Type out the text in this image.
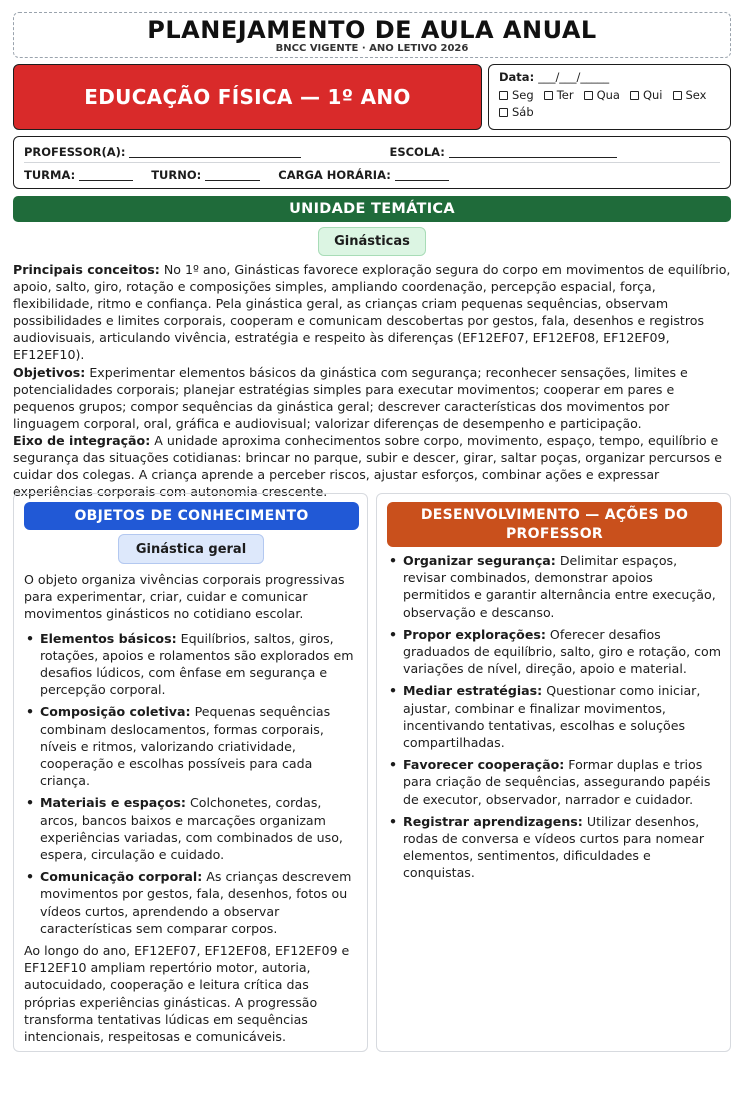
PLANEJAMENTO DE AULA ANUAL
BNCC VIGENTE · ANO LETIVO 2026
EDUCAÇÃO FÍSICA — 1º ANO
Data: ___/___/_____
Seg Ter Qua Qui Sex
Sáb
PROFESSOR(A):	ESCOLA:
TURMA:	TURNO:	CARGA HORÁRIA:
UNIDADE TEMÁTICA
Ginásticas
Principais conceitos: No 1º ano, Ginásticas favorece exploração segura do corpo em movimentos de equilíbrio, apoio, salto, giro, rotação e composições simples, ampliando coordenação, percepção espacial, força, flexibilidade, ritmo e confiança. Pela ginástica geral, as crianças criam pequenas sequências, observam possibilidades e limites corporais, cooperam e comunicam descobertas por gestos, fala, desenhos e registros audiovisuais, articulando vivência, estratégia e respeito às diferenças (EF12EF07, EF12EF08, EF12EF09, EF12EF10).
Objetivos: Experimentar elementos básicos da ginástica com segurança; reconhecer sensações, limites e potencialidades corporais; planejar estratégias simples para executar movimentos; cooperar em pares e pequenos grupos; compor sequências da ginástica geral; descrever características dos movimentos por linguagem corporal, oral, gráfica e audiovisual; valorizar diferenças de desempenho e participação.
Eixo de integração: A unidade aproxima conhecimentos sobre corpo, movimento, espaço, tempo, equilíbrio e segurança das situações cotidianas: brincar no parque, subir e descer, girar, saltar poças, organizar percursos e cuidar dos colegas. A criança aprende a perceber riscos, ajustar esforços, combinar ações e expressar experiências corporais com autonomia crescente.
OBJETOS DE CONHECIMENTO
Ginástica geral

O objeto organiza vivências corporais progressivas para experimentar, criar, cuidar e comunicar movimentos ginásticos no cotidiano escolar.

• Elementos básicos: Equilíbrios, saltos, giros, rotações, apoios e rolamentos são explorados em desafios lúdicos, com ênfase em segurança e percepção corporal.
• Composição coletiva: Pequenas sequências combinam deslocamentos, formas corporais, níveis e ritmos, valorizando criatividade, cooperação e escolhas possíveis para cada criança.
• Materiais e espaços: Colchonetes, cordas, arcos, bancos baixos e marcações organizam experiências variadas, com combinados de uso, espera, circulação e cuidado.
• Comunicação corporal: As crianças descrevem movimentos por gestos, fala, desenhos, fotos ou vídeos curtos, aprendendo a observar características sem comparar corpos.

Ao longo do ano, EF12EF07, EF12EF08, EF12EF09 e EF12EF10 ampliam repertório motor, autoria, autocuidado, cooperação e leitura crítica das próprias experiências ginásticas. A progressão transforma tentativas lúdicas em sequências intencionais, respeitosas e comunicáveis.

DESENVOLVIMENTO — AÇÕES DO PROFESSOR
• Organizar segurança: Delimitar espaços, revisar combinados, demonstrar apoios permitidos e garantir alternância entre execução, observação e descanso.
• Propor explorações: Oferecer desafios graduados de equilíbrio, salto, giro e rotação, com variações de nível, direção, apoio e material.
• Mediar estratégias: Questionar como iniciar, ajustar, combinar e finalizar movimentos, incentivando tentativas, escolhas e soluções compartilhadas.
• Favorecer cooperação: Formar duplas e trios para criação de sequências, assegurando papéis de executor, observador, narrador e cuidador.
• Registrar aprendizagens: Utilizar desenhos, rodas de conversa e vídeos curtos para nomear elementos, sentimentos, dificuldades e conquistas.
